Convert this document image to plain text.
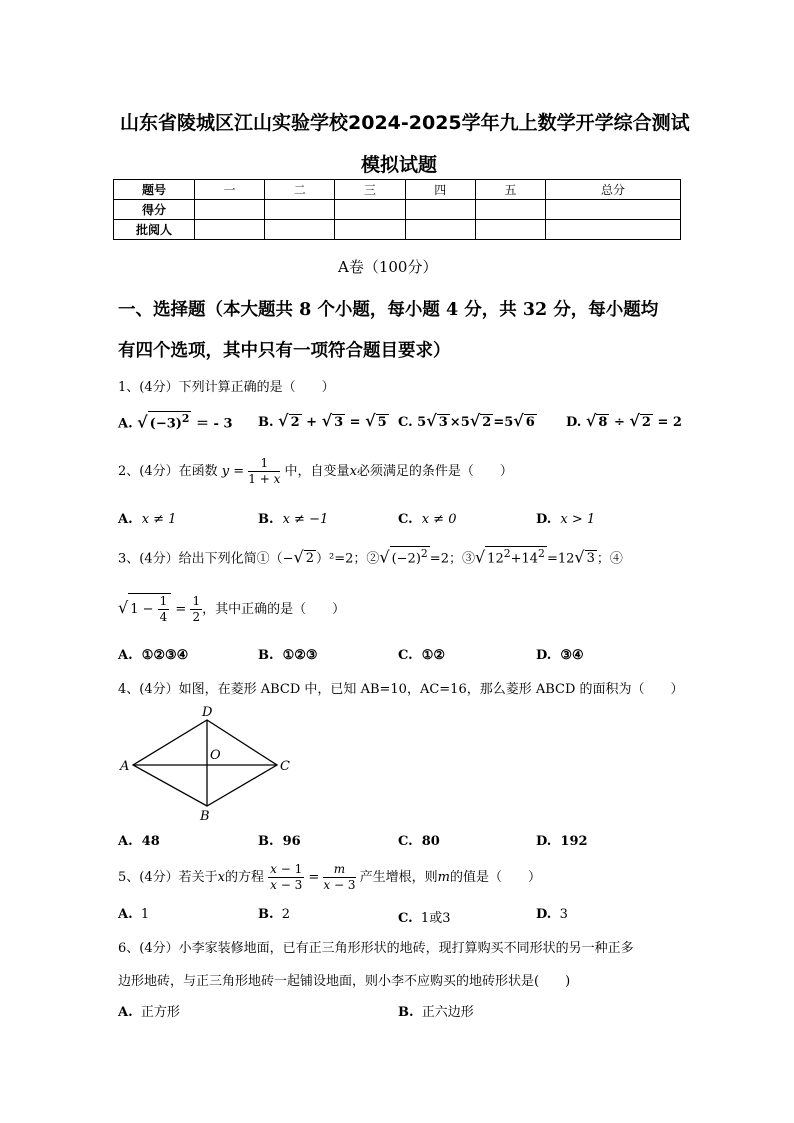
山东省陵城区江山实验学校2024-2025学年九上数学开学综合测试
模拟试题
题号	一	二	三	四	五	总分
得分						
批阅人						
A卷（100分）
一、选择题（本大题共 8 个小题，每小题 4 分，共 32 分，每小题均
有四个选项，其中只有一项符合题目要求）
1、(4分）下列计算正确的是（　　）
A. √ $(-3)^2$ ＝ - 3 B. √ 2 + √ 3 = √ 5 C. 5√ 3 ×5√ 2 =5√ 6 D. √ 8 ÷ √ 2 = 2
2、(4分）在函数 $y = \frac{1}{1 + x}$ 中，自变量x必须满足的条件是（　　）
A. x ≠ 1	B. x ≠ −1	C. x ≠ 0	D. x > 1
3、(4分）给出下列化简①（−√ 2 ）²=2；②√ $(-2)^2 =2$；③√ $12^2+14^2 =12√$ 3 ；④
√ $1 - \frac{1}{4} = \frac{1}{2}$ ，其中正确的是（　　）
A. ①②③④	B. ①②③	C. ①②	D. ③④
4、(4分）如图，在菱形 ABCD 中，已知 AB=10，AC=16，那么菱形 ABCD 的面积为（　　）
A
B
C
D
O
A. 48	B. 96	C. 80	D. 192
5、(4分）若关于x的方程 $\frac{x - 1}{x - 3} = \frac{m}{x - 3}$ 产生增根，则m的值是（　　）
A. 1	B. 2	C. 1或3	D. 3
6、(4分）小李家装修地面，已有正三角形形状的地砖，现打算购买不同形状的另一种正多
边形地砖，与正三角形地砖一起铺设地面，则小李不应购买的地砖形状是(　　)
A. 正方形	B. 正六边形
